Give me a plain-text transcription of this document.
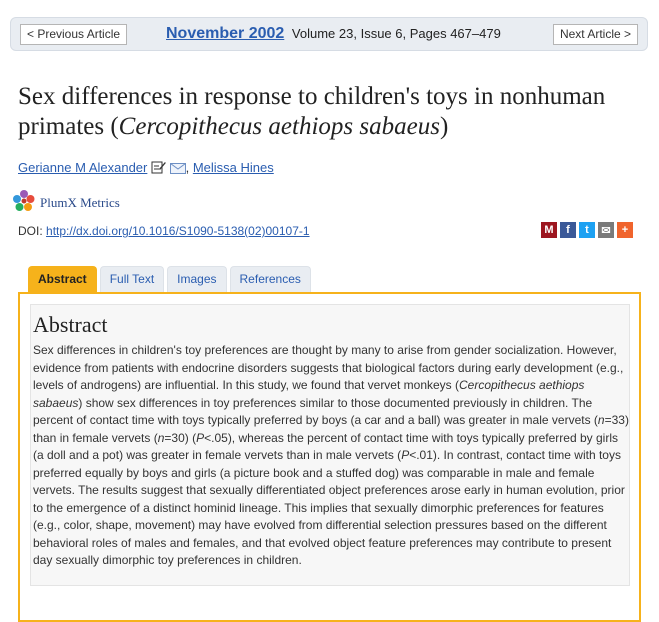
< Previous Article	November 2002 Volume 23, Issue 6, Pages 467–479	Next Article >
Sex differences in response to children's toys in nonhuman primates (Cercopithecus aethiops sabaeus)
Gerianne M Alexander	, Melissa Hines
PlumX Metrics
DOI: http://dx.doi.org/10.1016/S1090-5138(02)00107-1	M	f	t	✉	+
Abstract	Full Text	Images	References
Abstract

Sex differences in children's toy preferences are thought by many to arise from gender socialization. However, evidence from patients with endocrine disorders suggests that biological factors during early development (e.g., levels of androgens) are influential. In this study, we found that vervet monkeys (Cercopithecus aethiops sabaeus) show sex differences in toy preferences similar to those documented previously in children. The percent of contact time with toys typically preferred by boys (a car and a ball) was greater in male vervets (n=33) than in female vervets (n=30) (P<.05), whereas the percent of contact time with toys typically preferred by girls (a doll and a pot) was greater in female vervets than in male vervets (P<.01). In contrast, contact time with toys preferred equally by boys and girls (a picture book and a stuffed dog) was comparable in male and female vervets. The results suggest that sexually differentiated object preferences arose early in human evolution, prior to the emergence of a distinct hominid lineage. This implies that sexually dimorphic preferences for features (e.g., color, shape, movement) may have evolved from differential selection pressures based on the different behavioral roles of males and females, and that evolved object feature preferences may contribute to present day sexually dimorphic toy preferences in children.
